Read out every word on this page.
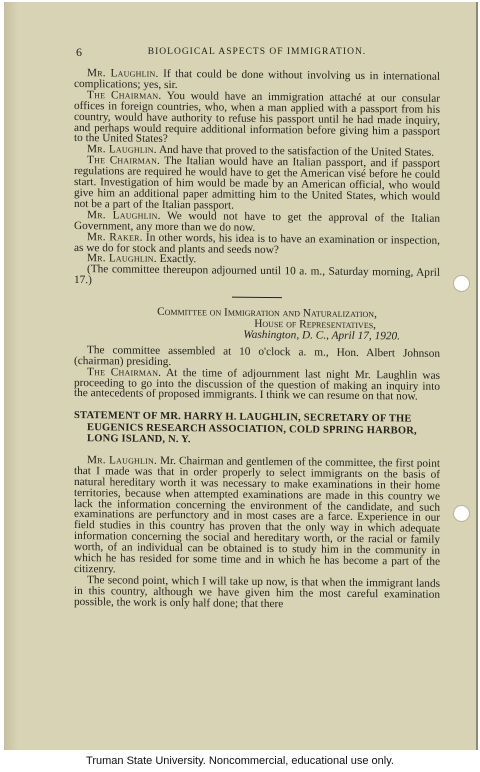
6	BIOLOGICAL ASPECTS OF IMMIGRATION.

Mr. Laughlin. If that could be done without involving us in international complications; yes, sir.

The Chairman. You would have an immigration attaché at our consular offices in foreign countries, who, when a man applied with a passport from his country, would have authority to refuse his passport until he had made inquiry, and perhaps would require additional information before giving him a passport to the United States?

Mr. Laughlin. And have that proved to the satisfaction of the United States.

The Chairman. The Italian would have an Italian passport, and if passport regulations are required he would have to get the American visé before he could start. Investigation of him would be made by an American official, who would give him an additional paper admitting him to the United States, which would not be a part of the Italian passport.

Mr. Laughlin. We would not have to get the approval of the Italian Government, any more than we do now.

Mr. Raker. In other words, his idea is to have an examination or inspection, as we do for stock and plants and seeds now?

Mr. Laughlin. Exactly.

(The committee thereupon adjourned until 10 a. m., Saturday morning, April 17.)

Committee on Immigration and Naturalization,
House of Representatives,
Washington, D. C., April 17, 1920.

The committee assembled at 10 o'clock a. m., Hon. Albert Johnson (chairman) presiding.

The Chairman. At the time of adjournment last night Mr. Laughlin was proceeding to go into the discussion of the question of making an inquiry into the antecedents of proposed immigrants. I think we can resume on that now.

STATEMENT OF MR. HARRY H. LAUGHLIN, SECRETARY OF THE
EUGENICS RESEARCH ASSOCIATION, COLD SPRING HARBOR,
LONG ISLAND, N. Y.

Mr. Laughlin. Mr. Chairman and gentlemen of the committee, the first point that I made was that in order properly to select immigrants on the basis of natural hereditary worth it was necessary to make examinations in their home territories, because when attempted examinations are made in this country we lack the information concerning the environment of the candidate, and such examinations are perfunctory and in most cases are a farce. Experience in our field studies in this country has proven that the only way in which adequate information concerning the social and hereditary worth, or the racial or family worth, of an individual can be obtained is to study him in the community in which he has resided for some time and in which he has become a part of the citizenry.

The second point, which I will take up now, is that when the immigrant lands in this country, although we have given him the most careful examination possible, the work is only half done; that there

Truman State University. Noncommercial, educational use only.
